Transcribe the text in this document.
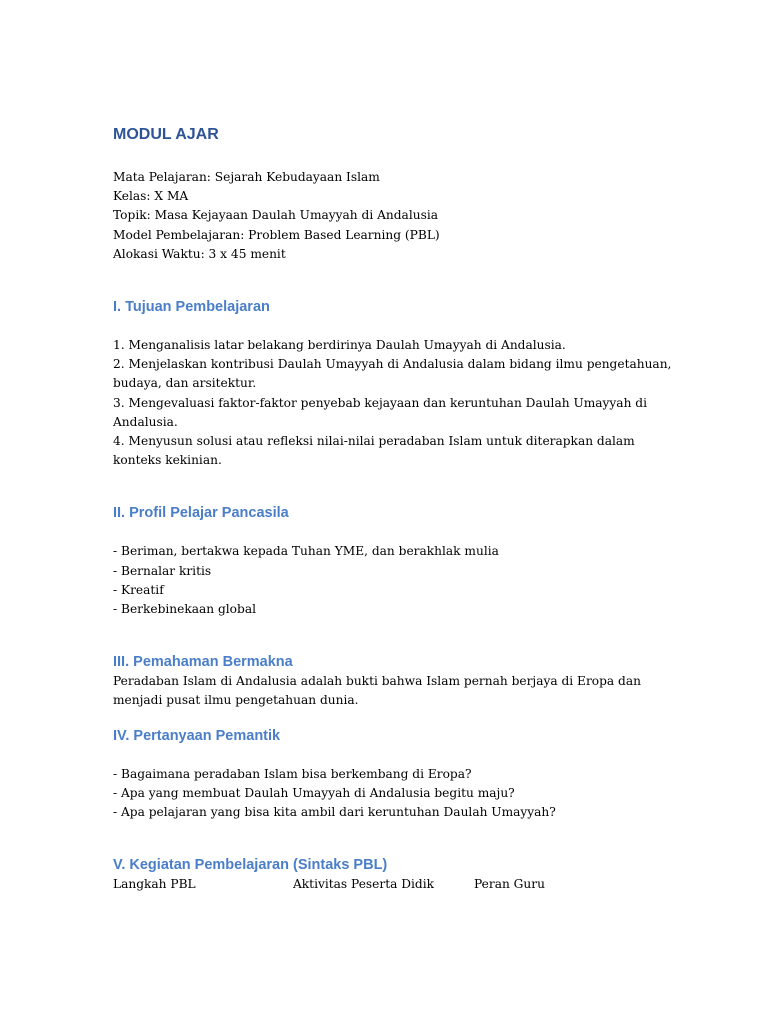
MODUL AJAR
Mata Pelajaran: Sejarah Kebudayaan Islam
Kelas: X MA
Topik: Masa Kejayaan Daulah Umayyah di Andalusia
Model Pembelajaran: Problem Based Learning (PBL)
Alokasi Waktu: 3 x 45 menit
I. Tujuan Pembelajaran
1. Menganalisis latar belakang berdirinya Daulah Umayyah di Andalusia.
2. Menjelaskan kontribusi Daulah Umayyah di Andalusia dalam bidang ilmu pengetahuan,
budaya, dan arsitektur.
3. Mengevaluasi faktor-faktor penyebab kejayaan dan keruntuhan Daulah Umayyah di
Andalusia.
4. Menyusun solusi atau refleksi nilai-nilai peradaban Islam untuk diterapkan dalam
konteks kekinian.
II. Profil Pelajar Pancasila
- Beriman, bertakwa kepada Tuhan YME, dan berakhlak mulia
- Bernalar kritis
- Kreatif
- Berkebinekaan global
III. Pemahaman Bermakna
Peradaban Islam di Andalusia adalah bukti bahwa Islam pernah berjaya di Eropa dan
menjadi pusat ilmu pengetahuan dunia.
IV. Pertanyaan Pemantik
- Bagaimana peradaban Islam bisa berkembang di Eropa?
- Apa yang membuat Daulah Umayyah di Andalusia begitu maju?
- Apa pelajaran yang bisa kita ambil dari keruntuhan Daulah Umayyah?
V. Kegiatan Pembelajaran (Sintaks PBL)
Langkah PBL	Aktivitas Peserta Didik	Peran Guru
